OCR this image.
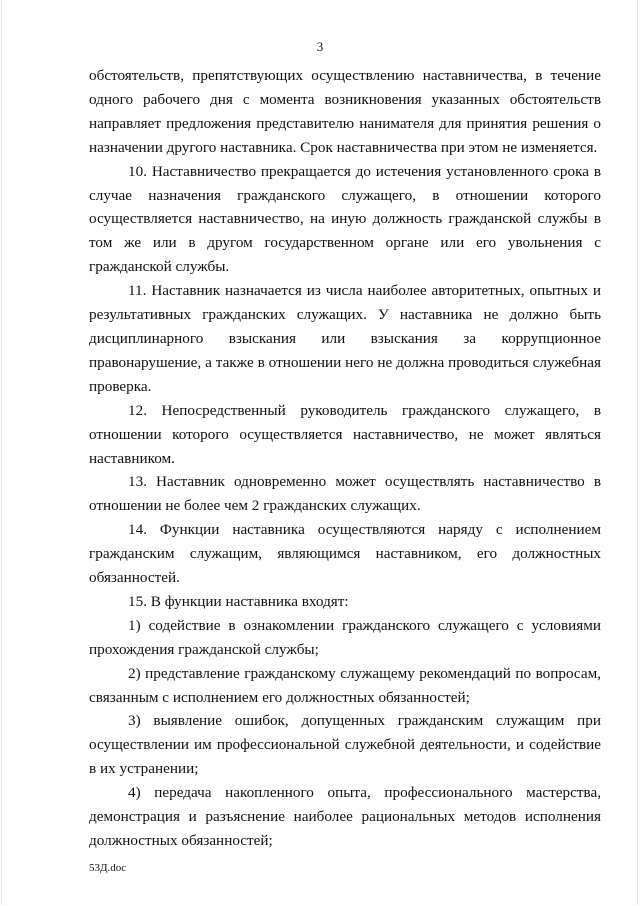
3

обстоятельств, препятствующих осуществлению наставничества, в течение одного рабочего дня с момента возникновения указанных обстоятельств направляет предложения представителю нанимателя для принятия решения о назначении другого наставника. Срок наставничества при этом не изменяется.

10. Наставничество прекращается до истечения установленного срока в случае назначения гражданского служащего, в отношении которого осуществляется наставничество, на иную должность гражданской службы в том же или в другом государственном органе или его увольнения с гражданской службы.

11. Наставник назначается из числа наиболее авторитетных, опытных и результативных гражданских служащих. У наставника не должно быть дисциплинарного взыскания или взыскания за коррупционное правонарушение, а также в отношении него не должна проводиться служебная проверка.

12. Непосредственный руководитель гражданского служащего, в отношении которого осуществляется наставничество, не может являться наставником.

13. Наставник одновременно может осуществлять наставничество в отношении не более чем 2 гражданских служащих.

14. Функции наставника осуществляются наряду с исполнением гражданским служащим, являющимся наставником, его должностных обязанностей.

15. В функции наставника входят:

1) содействие в ознакомлении гражданского служащего с условиями прохождения гражданской службы;

2) представление гражданскому служащему рекомендаций по вопросам, связанным с исполнением его должностных обязанностей;

3) выявление ошибок, допущенных гражданским служащим при осуществлении им профессиональной служебной деятельности, и содействие в их устранении;

4) передача накопленного опыта, профессионального мастерства, демонстрация и разъяснение наиболее рациональных методов исполнения должностных обязанностей;

53Д.doc
